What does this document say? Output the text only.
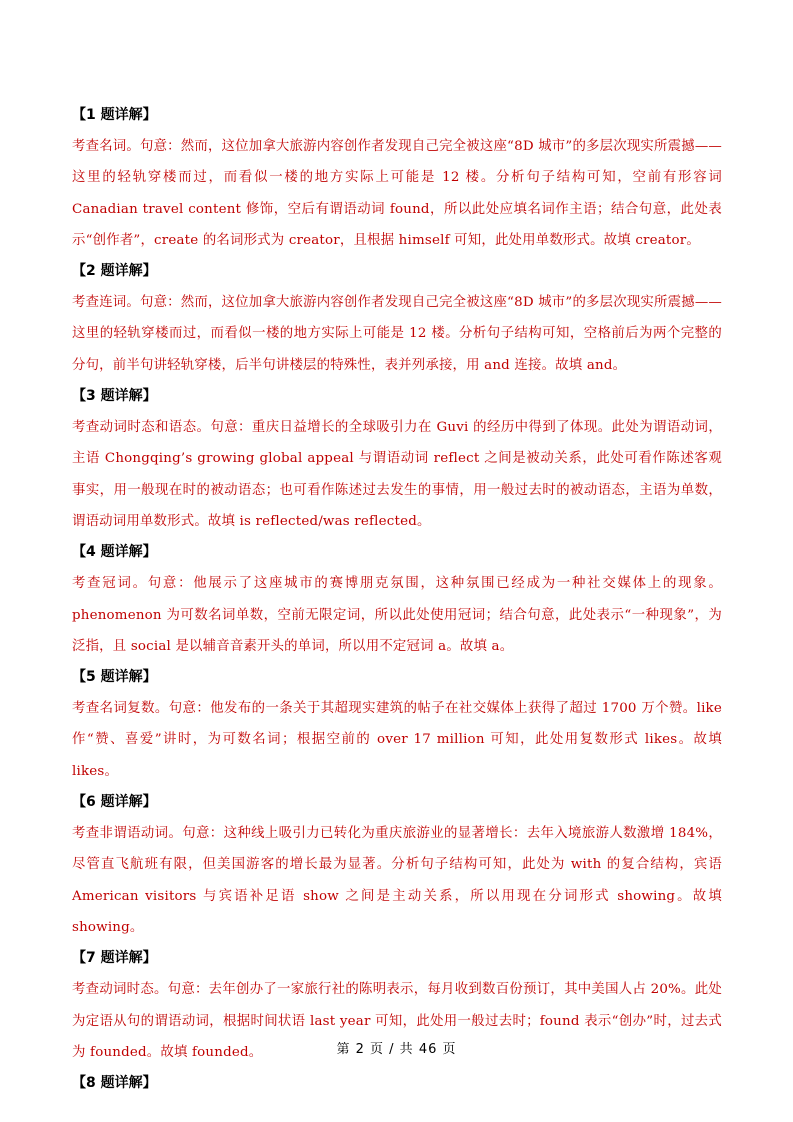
【1 题详解】
考查名词。句意：然而，这位加拿大旅游内容创作者发现自己完全被这座“8D 城市”的多层次现实所震撼——这里的轻轨穿楼而过，而看似一楼的地方实际上可能是 12 楼。分析句子结构可知，空前有形容词 Canadian travel content 修饰，空后有谓语动词 found，所以此处应填名词作主语；结合句意，此处表示“创作者”，create 的名词形式为 creator，且根据 himself 可知，此处用单数形式。故填 creator。
【2 题详解】
考查连词。句意：然而，这位加拿大旅游内容创作者发现自己完全被这座“8D 城市”的多层次现实所震撼——这里的轻轨穿楼而过，而看似一楼的地方实际上可能是 12 楼。分析句子结构可知，空格前后为两个完整的分句，前半句讲轻轨穿楼，后半句讲楼层的特殊性，表并列承接，用 and 连接。故填 and。
【3 题详解】
考查动词时态和语态。句意：重庆日益增长的全球吸引力在 Guvi 的经历中得到了体现。此处为谓语动词，主语 Chongqing’s growing global appeal 与谓语动词 reflect 之间是被动关系，此处可看作陈述客观事实，用一般现在时的被动语态；也可看作陈述过去发生的事情，用一般过去时的被动语态，主语为单数，谓语动词用单数形式。故填 is reflected/was reflected。
【4 题详解】
考查冠词。句意：他展示了这座城市的赛博朋克氛围，这种氛围已经成为一种社交媒体上的现象。phenomenon 为可数名词单数，空前无限定词，所以此处使用冠词；结合句意，此处表示“一种现象”，为泛指，且 social 是以辅音音素开头的单词，所以用不定冠词 a。故填 a。
【5 题详解】
考查名词复数。句意：他发布的一条关于其超现实建筑的帖子在社交媒体上获得了超过 1700 万个赞。like 作“赞、喜爱”讲时，为可数名词；根据空前的 over 17 million 可知，此处用复数形式 likes。故填 likes。
【6 题详解】
考查非谓语动词。句意：这种线上吸引力已转化为重庆旅游业的显著增长：去年入境旅游人数激增 184%，尽管直飞航班有限，但美国游客的增长最为显著。分析句子结构可知，此处为 with 的复合结构，宾语 American visitors 与宾语补足语 show 之间是主动关系，所以用现在分词形式 showing。故填 showing。
【7 题详解】
考查动词时态。句意：去年创办了一家旅行社的陈明表示，每月收到数百份预订，其中美国人占 20%。此处为定语从句的谓语动词，根据时间状语 last year 可知，此处用一般过去时；found 表示“创办”时，过去式为 founded。故填 founded。
【8 题详解】
第 2 页 / 共 46 页
